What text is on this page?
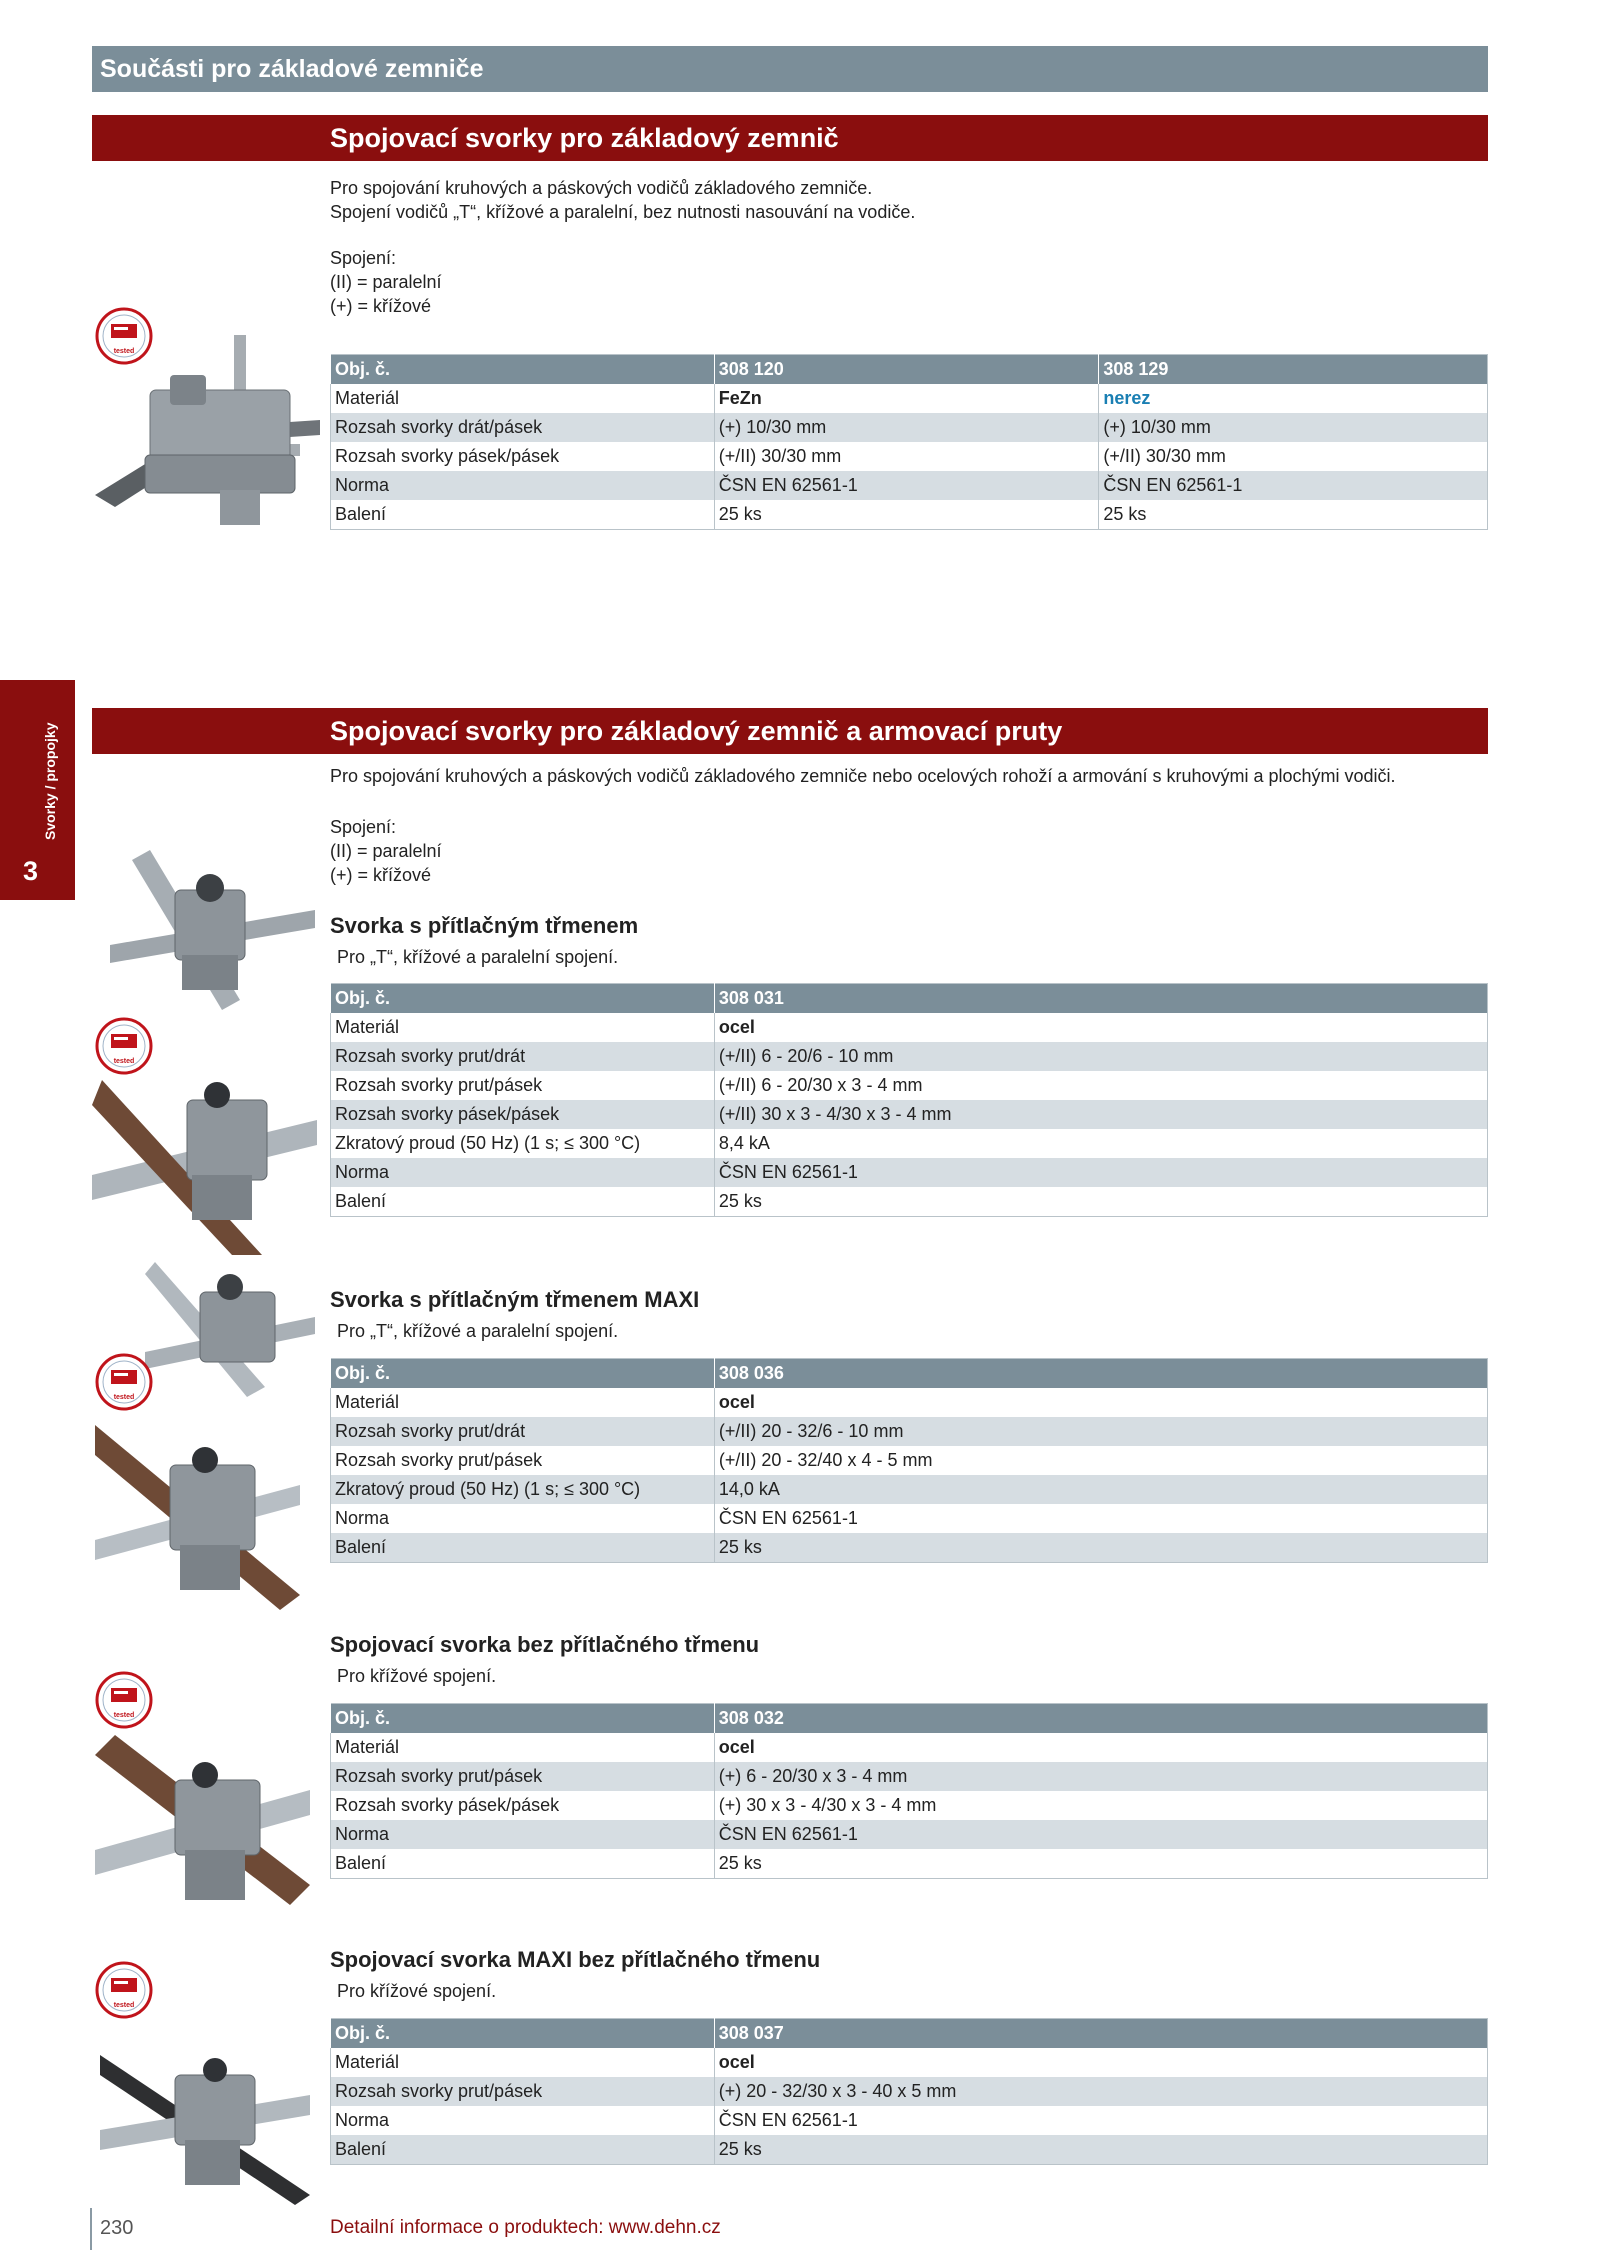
Součásti pro základové zemniče
Svorky / propojky
3
Spojovací svorky pro základový zemnič
Pro spojování kruhových a páskových vodičů základového zemniče.
Spojení vodičů „T“, křížové a paralelní, bez nutnosti nasouvání na vodiče.
Spojení:
(II) = paralelní
(+) = křížové
tested
Obj. č.	308 120	308 129
Materiál	FeZn	nerez
Rozsah svorky drát/pásek	(+) 10/30 mm	(+) 10/30 mm
Rozsah svorky pásek/pásek	(+/II) 30/30 mm	(+/II) 30/30 mm
Norma	ČSN EN 62561-1	ČSN EN 62561-1
Balení	25 ks	25 ks
Spojovací svorky pro základový zemnič a armovací pruty
Pro spojování kruhových a páskových vodičů základového zemniče nebo ocelových rohoží a armování s kruhovými a plochými vodiči.
Spojení:
(II) = paralelní
(+) = křížové
tested
Svorka s přítlačným třmenem
Pro „T“, křížové a paralelní spojení.
Obj. č.	308 031
Materiál	ocel
Rozsah svorky prut/drát	(+/II) 6 - 20/6 - 10 mm
Rozsah svorky prut/pásek	(+/II) 6 - 20/30 x 3 - 4 mm
Rozsah svorky pásek/pásek	(+/II) 30 x 3 - 4/30 x 3 - 4 mm
Zkratový proud (50 Hz) (1 s; ≤ 300 °C)	8,4 kA
Norma	ČSN EN 62561-1
Balení	25 ks
tested
Svorka s přítlačným třmenem MAXI
Pro „T“, křížové a paralelní spojení.
Obj. č.	308 036
Materiál	ocel
Rozsah svorky prut/drát	(+/II) 20 - 32/6 - 10 mm
Rozsah svorky prut/pásek	(+/II) 20 - 32/40 x 4 - 5 mm
Zkratový proud (50 Hz) (1 s; ≤ 300 °C)	14,0 kA
Norma	ČSN EN 62561-1
Balení	25 ks
tested
Spojovací svorka bez přítlačného třmenu
Pro křížové spojení.
Obj. č.	308 032
Materiál	ocel
Rozsah svorky prut/pásek	(+) 6 - 20/30 x 3 - 4 mm
Rozsah svorky pásek/pásek	(+) 30 x 3 - 4/30 x 3 - 4 mm
Norma	ČSN EN 62561-1
Balení	25 ks
tested
Spojovací svorka MAXI bez přítlačného třmenu
Pro křížové spojení.
Obj. č.	308 037
Materiál	ocel
Rozsah svorky prut/pásek	(+) 20 - 32/30 x 3 - 40 x 5 mm
Norma	ČSN EN 62561-1
Balení	25 ks
230	Detailní informace o produktech: www.dehn.cz
